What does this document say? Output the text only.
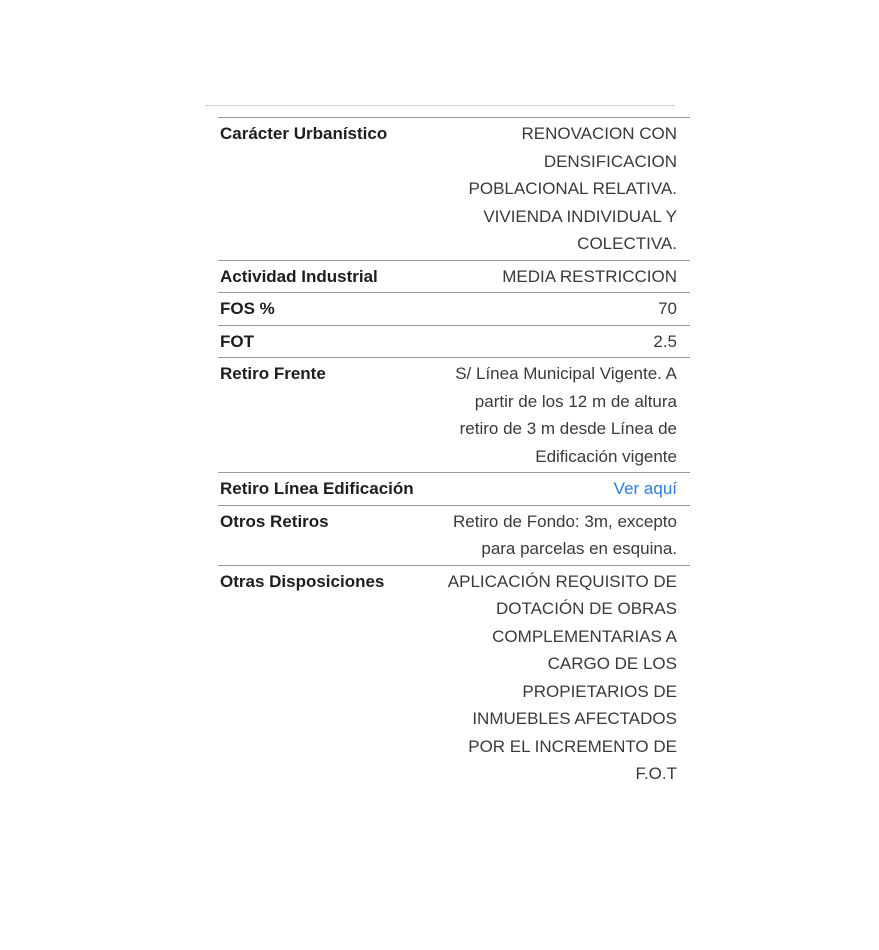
Carácter Urbanístico	RENOVACION CON DENSIFICACION POBLACIONAL RELATIVA. VIVIENDA INDIVIDUAL Y COLECTIVA.
Actividad Industrial	MEDIA RESTRICCION
FOS %	70
FOT	2.5
Retiro Frente	S/ Línea Municipal Vigente. A partir de los 12 m de altura retiro de 3 m desde Línea de Edificación vigente
Retiro Línea Edificación	Ver aquí
Otros Retiros	Retiro de Fondo: 3m, excepto para parcelas en esquina.
Otras Disposiciones	APLICACIÓN REQUISITO DE DOTACIÓN DE OBRAS COMPLEMENTARIAS A CARGO DE LOS PROPIETARIOS DE INMUEBLES AFECTADOS POR EL INCREMENTO DE F.O.T
